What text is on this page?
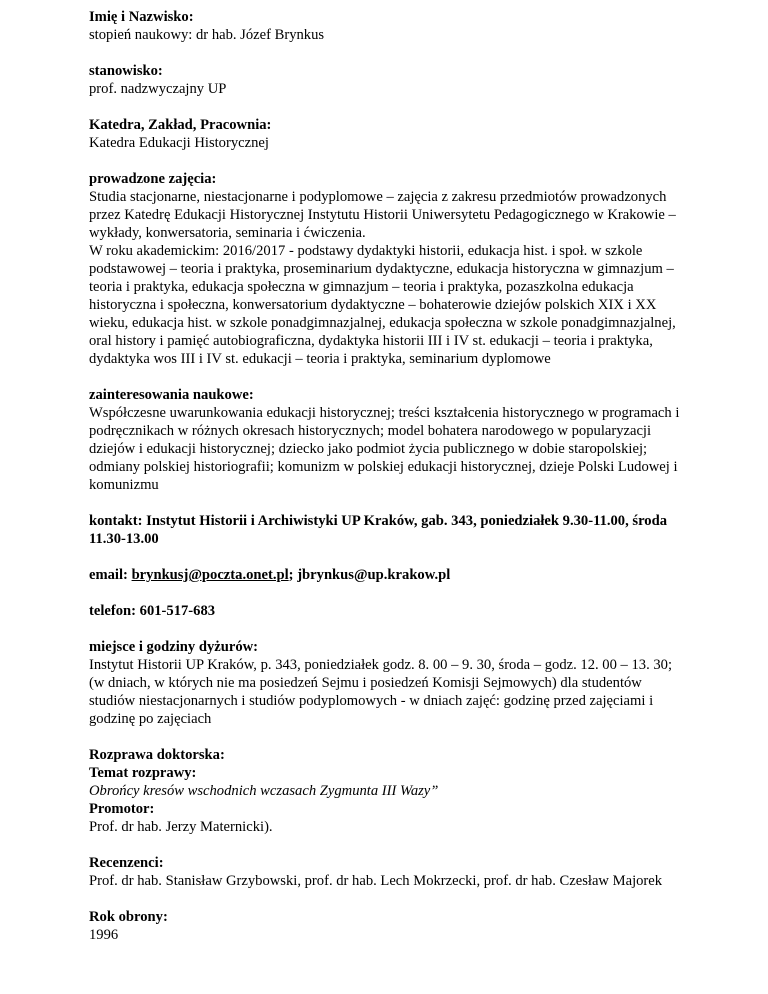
Imię i Nazwisko:

stopień naukowy: dr hab. Józef Brynkus

stanowisko:

prof. nadzwyczajny UP

Katedra, Zakład, Pracownia:

Katedra Edukacji Historycznej

prowadzone zajęcia:

Studia stacjonarne, niestacjonarne i podyplomowe – zajęcia z zakresu przedmiotów prowadzonych przez Katedrę Edukacji Historycznej Instytutu Historii Uniwersytetu Pedagogicznego w Krakowie – wykłady, konwersatoria, seminaria i ćwiczenia.

W roku akademickim: 2016/2017 - podstawy dydaktyki historii, edukacja hist. i społ. w szkole podstawowej – teoria i praktyka, proseminarium dydaktyczne, edukacja historyczna w gimnazjum – teoria i praktyka, edukacja społeczna w gimnazjum – teoria i praktyka, pozaszkolna edukacja historyczna i społeczna, konwersatorium dydaktyczne – bohaterowie dziejów polskich XIX i XX wieku, edukacja hist. w szkole ponadgimnazjalnej, edukacja społeczna w szkole ponadgimnazjalnej, oral history i pamięć autobiograficzna, dydaktyka historii III i IV st. edukacji – teoria i praktyka, dydaktyka wos III i IV st. edukacji – teoria i praktyka, seminarium dyplomowe

zainteresowania naukowe:

Współczesne uwarunkowania edukacji historycznej; treści kształcenia historycznego w programach i podręcznikach w różnych okresach historycznych; model bohatera narodowego w popularyzacji dziejów i edukacji historycznej; dziecko jako podmiot życia publicznego w dobie staropolskiej; odmiany polskiej historiografii; komunizm w polskiej edukacji historycznej, dzieje Polski Ludowej i komunizmu

kontakt: Instytut Historii i Archiwistyki UP Kraków, gab. 343, poniedziałek 9.30-11.00, środa 11.30-13.00

email: brynkusj@poczta.onet.pl; jbrynkus@up.krakow.pl

telefon: 601-517-683

miejsce i godziny dyżurów:

Instytut Historii UP Kraków, p. 343, poniedziałek godz. 8. 00 – 9. 30, środa – godz. 12. 00 – 13. 30; (w dniach, w których nie ma posiedzeń Sejmu i posiedzeń Komisji Sejmowych) dla studentów studiów niestacjonarnych i studiów podyplomowych - w dniach zajęć: godzinę przed zajęciami i godzinę po zajęciach

Rozprawa doktorska:

Temat rozprawy:

Obrońcy kresów wschodnich wczasach Zygmunta III Wazy”

Promotor:

Prof. dr hab. Jerzy Maternicki).

Recenzenci:

Prof. dr hab. Stanisław Grzybowski, prof. dr hab. Lech Mokrzecki, prof. dr hab. Czesław Majorek

Rok obrony:

1996
